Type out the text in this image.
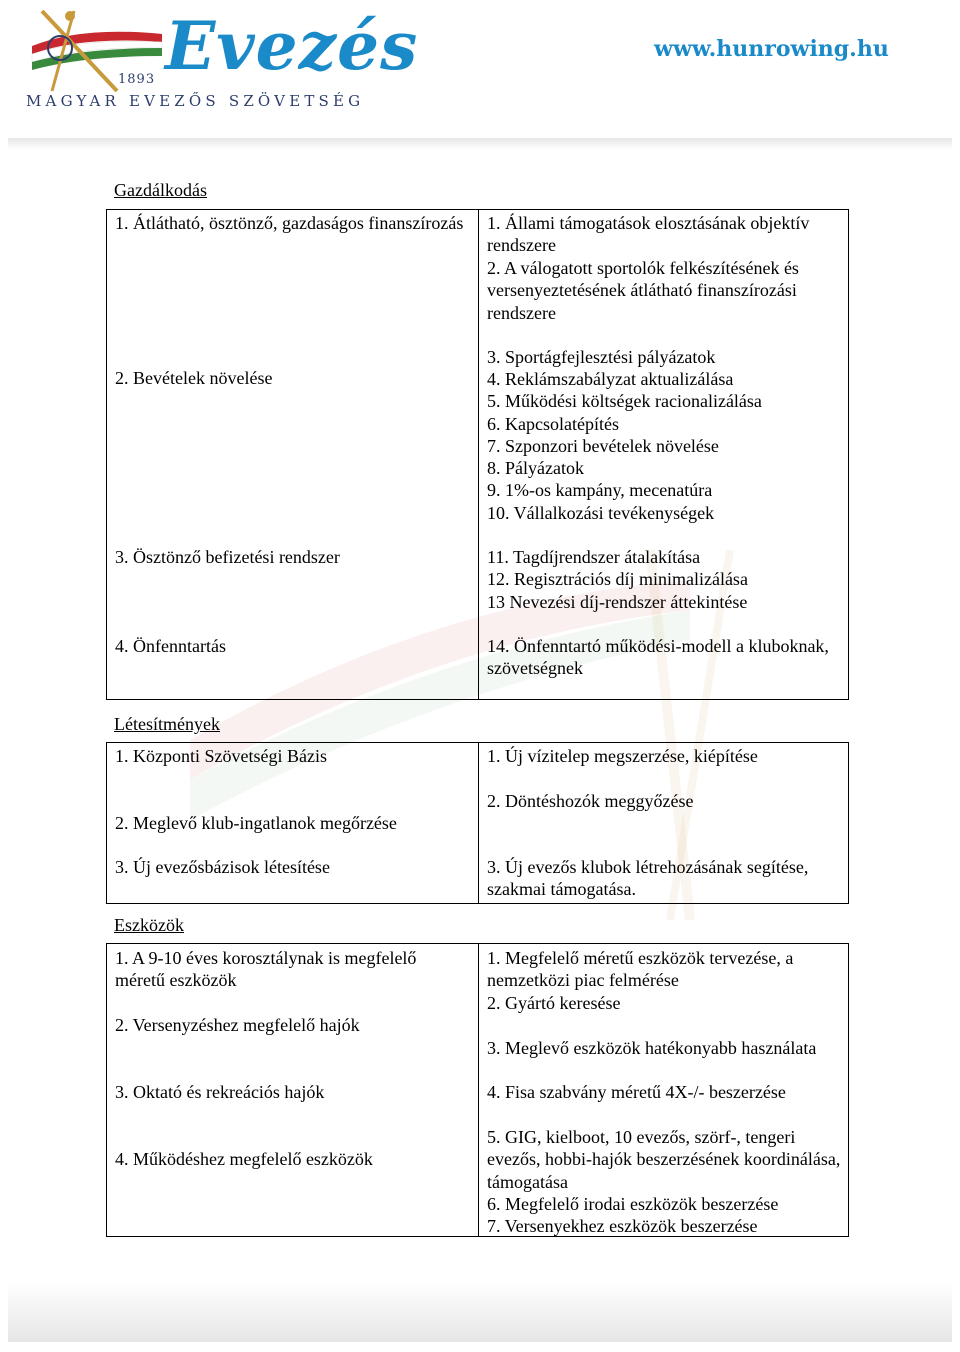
Evezés
1893
MAGYAR EVEZŐS SZÖVETSÉG
www.hunrowing.hu
Gazdálkodás
1. Átlátható, ösztönző, gazdaságos finanszírozás
2. Bevételek növelése
3. Ösztönző befizetési rendszer
4. Önfenntartás
1. Állami támogatások elosztásának objektív rendszere
2. A válogatott sportolók felkészítésének és versenyeztetésének átlátható finanszírozási rendszere
3. Sportágfejlesztési pályázatok
4. Reklámszabályzat aktualizálása
5. Működési költségek racionalizálása
6. Kapcsolatépítés
7. Szponzori bevételek növelése
8. Pályázatok
9. 1%-os kampány, mecenatúra
10. Vállalkozási tevékenységek
11. Tagdíjrendszer átalakítása
12. Regisztrációs díj minimalizálása
13 Nevezési díj-rendszer áttekintése
14. Önfenntartó működési-modell a kluboknak, szövetségnek
Létesítmények
1. Központi Szövetségi Bázis
2. Meglevő klub-ingatlanok megőrzése
3. Új evezősbázisok létesítése
1. Új vízitelep megszerzése, kiépítése
2. Döntéshozók meggyőzése
3. Új evezős klubok létrehozásának segítése, szakmai támogatása.
Eszközök
1. A 9-10 éves korosztálynak is megfelelő méretű eszközök
2. Versenyzéshez megfelelő hajók
3. Oktató és rekreációs hajók
4. Működéshez megfelelő eszközök
1. Megfelelő méretű eszközök tervezése, a nemzetközi piac felmérése
2. Gyártó keresése
3. Meglevő eszközök hatékonyabb használata
4. Fisa szabvány méretű 4X-/- beszerzése
5. GIG, kielboot, 10 evezős, szörf-, tengeri evezős, hobbi-hajók beszerzésének koordinálása, támogatása
6. Megfelelő irodai eszközök beszerzése
7. Versenyekhez eszközök beszerzése
